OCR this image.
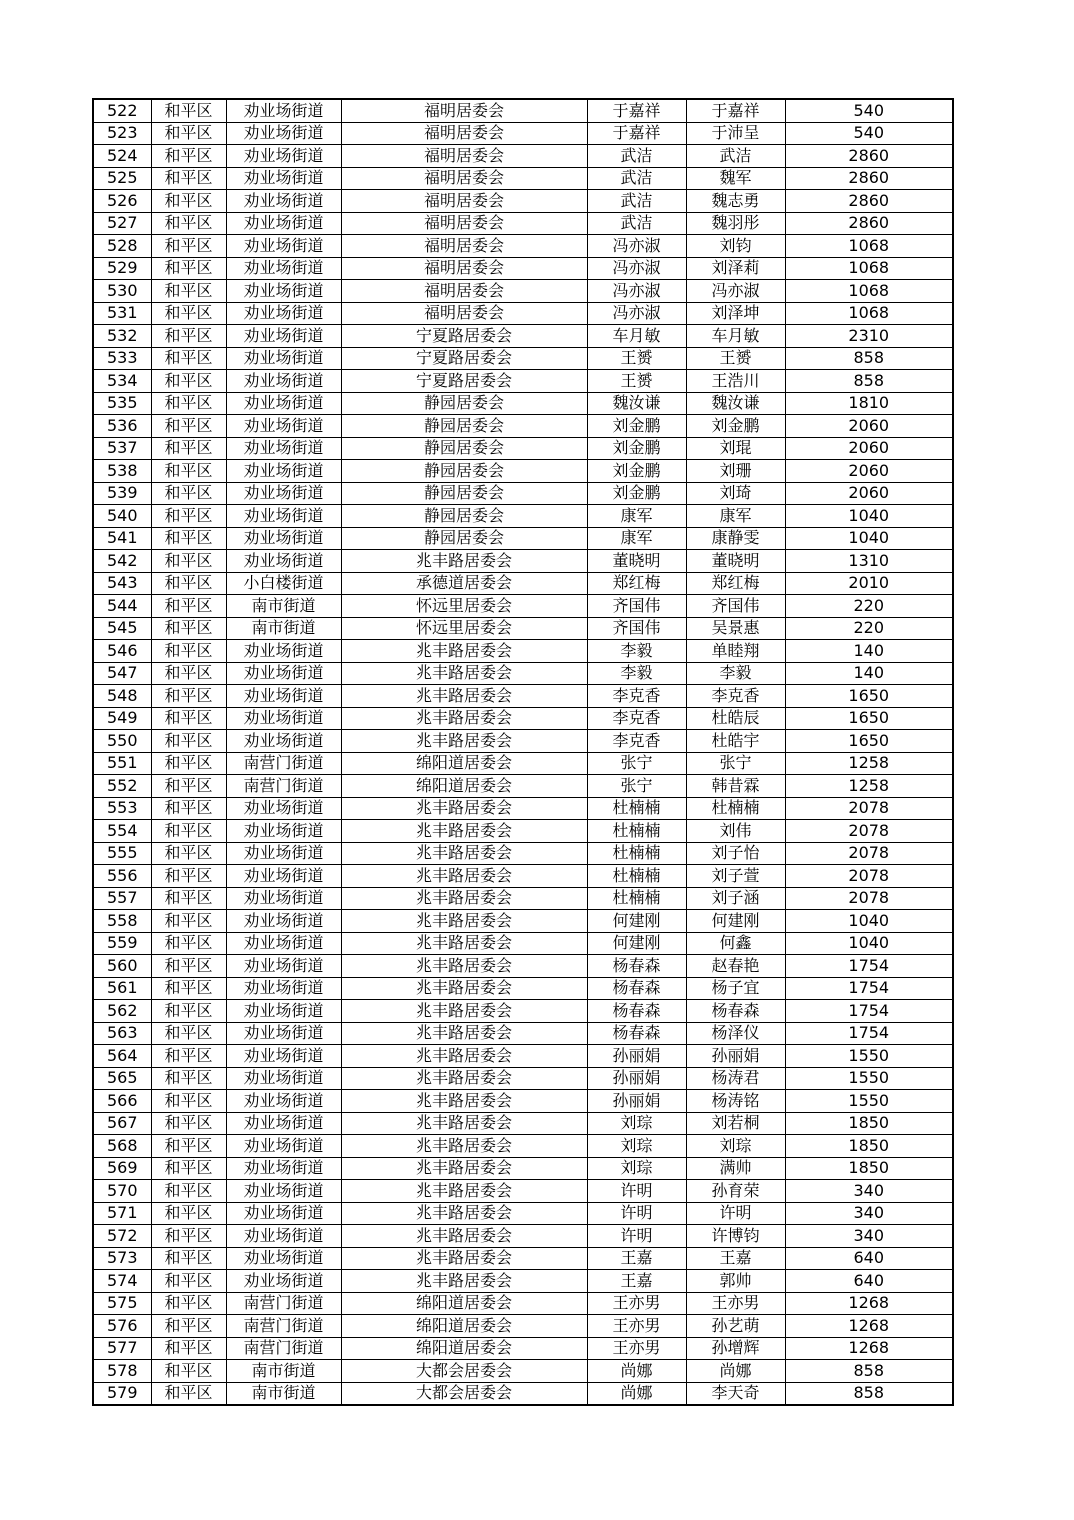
522	和平区	劝业场街道	福明居委会	于嘉祥	于嘉祥	540
523	和平区	劝业场街道	福明居委会	于嘉祥	于沛呈	540
524	和平区	劝业场街道	福明居委会	武洁	武洁	2860
525	和平区	劝业场街道	福明居委会	武洁	魏军	2860
526	和平区	劝业场街道	福明居委会	武洁	魏志勇	2860
527	和平区	劝业场街道	福明居委会	武洁	魏羽彤	2860
528	和平区	劝业场街道	福明居委会	冯亦淑	刘钧	1068
529	和平区	劝业场街道	福明居委会	冯亦淑	刘泽莉	1068
530	和平区	劝业场街道	福明居委会	冯亦淑	冯亦淑	1068
531	和平区	劝业场街道	福明居委会	冯亦淑	刘泽坤	1068
532	和平区	劝业场街道	宁夏路居委会	车月敏	车月敏	2310
533	和平区	劝业场街道	宁夏路居委会	王赟	王赟	858
534	和平区	劝业场街道	宁夏路居委会	王赟	王浩川	858
535	和平区	劝业场街道	静园居委会	魏汝谦	魏汝谦	1810
536	和平区	劝业场街道	静园居委会	刘金鹏	刘金鹏	2060
537	和平区	劝业场街道	静园居委会	刘金鹏	刘琨	2060
538	和平区	劝业场街道	静园居委会	刘金鹏	刘珊	2060
539	和平区	劝业场街道	静园居委会	刘金鹏	刘琦	2060
540	和平区	劝业场街道	静园居委会	康军	康军	1040
541	和平区	劝业场街道	静园居委会	康军	康静雯	1040
542	和平区	劝业场街道	兆丰路居委会	董晓明	董晓明	1310
543	和平区	小白楼街道	承德道居委会	郑红梅	郑红梅	2010
544	和平区	南市街道	怀远里居委会	齐国伟	齐国伟	220
545	和平区	南市街道	怀远里居委会	齐国伟	吴景惠	220
546	和平区	劝业场街道	兆丰路居委会	李毅	单睦翔	140
547	和平区	劝业场街道	兆丰路居委会	李毅	李毅	140
548	和平区	劝业场街道	兆丰路居委会	李克香	李克香	1650
549	和平区	劝业场街道	兆丰路居委会	李克香	杜皓辰	1650
550	和平区	劝业场街道	兆丰路居委会	李克香	杜皓宇	1650
551	和平区	南营门街道	绵阳道居委会	张宁	张宁	1258
552	和平区	南营门街道	绵阳道居委会	张宁	韩昔霖	1258
553	和平区	劝业场街道	兆丰路居委会	杜楠楠	杜楠楠	2078
554	和平区	劝业场街道	兆丰路居委会	杜楠楠	刘伟	2078
555	和平区	劝业场街道	兆丰路居委会	杜楠楠	刘子怡	2078
556	和平区	劝业场街道	兆丰路居委会	杜楠楠	刘子萱	2078
557	和平区	劝业场街道	兆丰路居委会	杜楠楠	刘子涵	2078
558	和平区	劝业场街道	兆丰路居委会	何建刚	何建刚	1040
559	和平区	劝业场街道	兆丰路居委会	何建刚	何鑫	1040
560	和平区	劝业场街道	兆丰路居委会	杨春森	赵春艳	1754
561	和平区	劝业场街道	兆丰路居委会	杨春森	杨子宜	1754
562	和平区	劝业场街道	兆丰路居委会	杨春森	杨春森	1754
563	和平区	劝业场街道	兆丰路居委会	杨春森	杨泽仪	1754
564	和平区	劝业场街道	兆丰路居委会	孙丽娟	孙丽娟	1550
565	和平区	劝业场街道	兆丰路居委会	孙丽娟	杨涛君	1550
566	和平区	劝业场街道	兆丰路居委会	孙丽娟	杨涛铭	1550
567	和平区	劝业场街道	兆丰路居委会	刘琮	刘若桐	1850
568	和平区	劝业场街道	兆丰路居委会	刘琮	刘琮	1850
569	和平区	劝业场街道	兆丰路居委会	刘琮	满帅	1850
570	和平区	劝业场街道	兆丰路居委会	许明	孙育荣	340
571	和平区	劝业场街道	兆丰路居委会	许明	许明	340
572	和平区	劝业场街道	兆丰路居委会	许明	许博钧	340
573	和平区	劝业场街道	兆丰路居委会	王嘉	王嘉	640
574	和平区	劝业场街道	兆丰路居委会	王嘉	郭帅	640
575	和平区	南营门街道	绵阳道居委会	王亦男	王亦男	1268
576	和平区	南营门街道	绵阳道居委会	王亦男	孙艺萌	1268
577	和平区	南营门街道	绵阳道居委会	王亦男	孙增辉	1268
578	和平区	南市街道	大都会居委会	尚娜	尚娜	858
579	和平区	南市街道	大都会居委会	尚娜	李天奇	858
